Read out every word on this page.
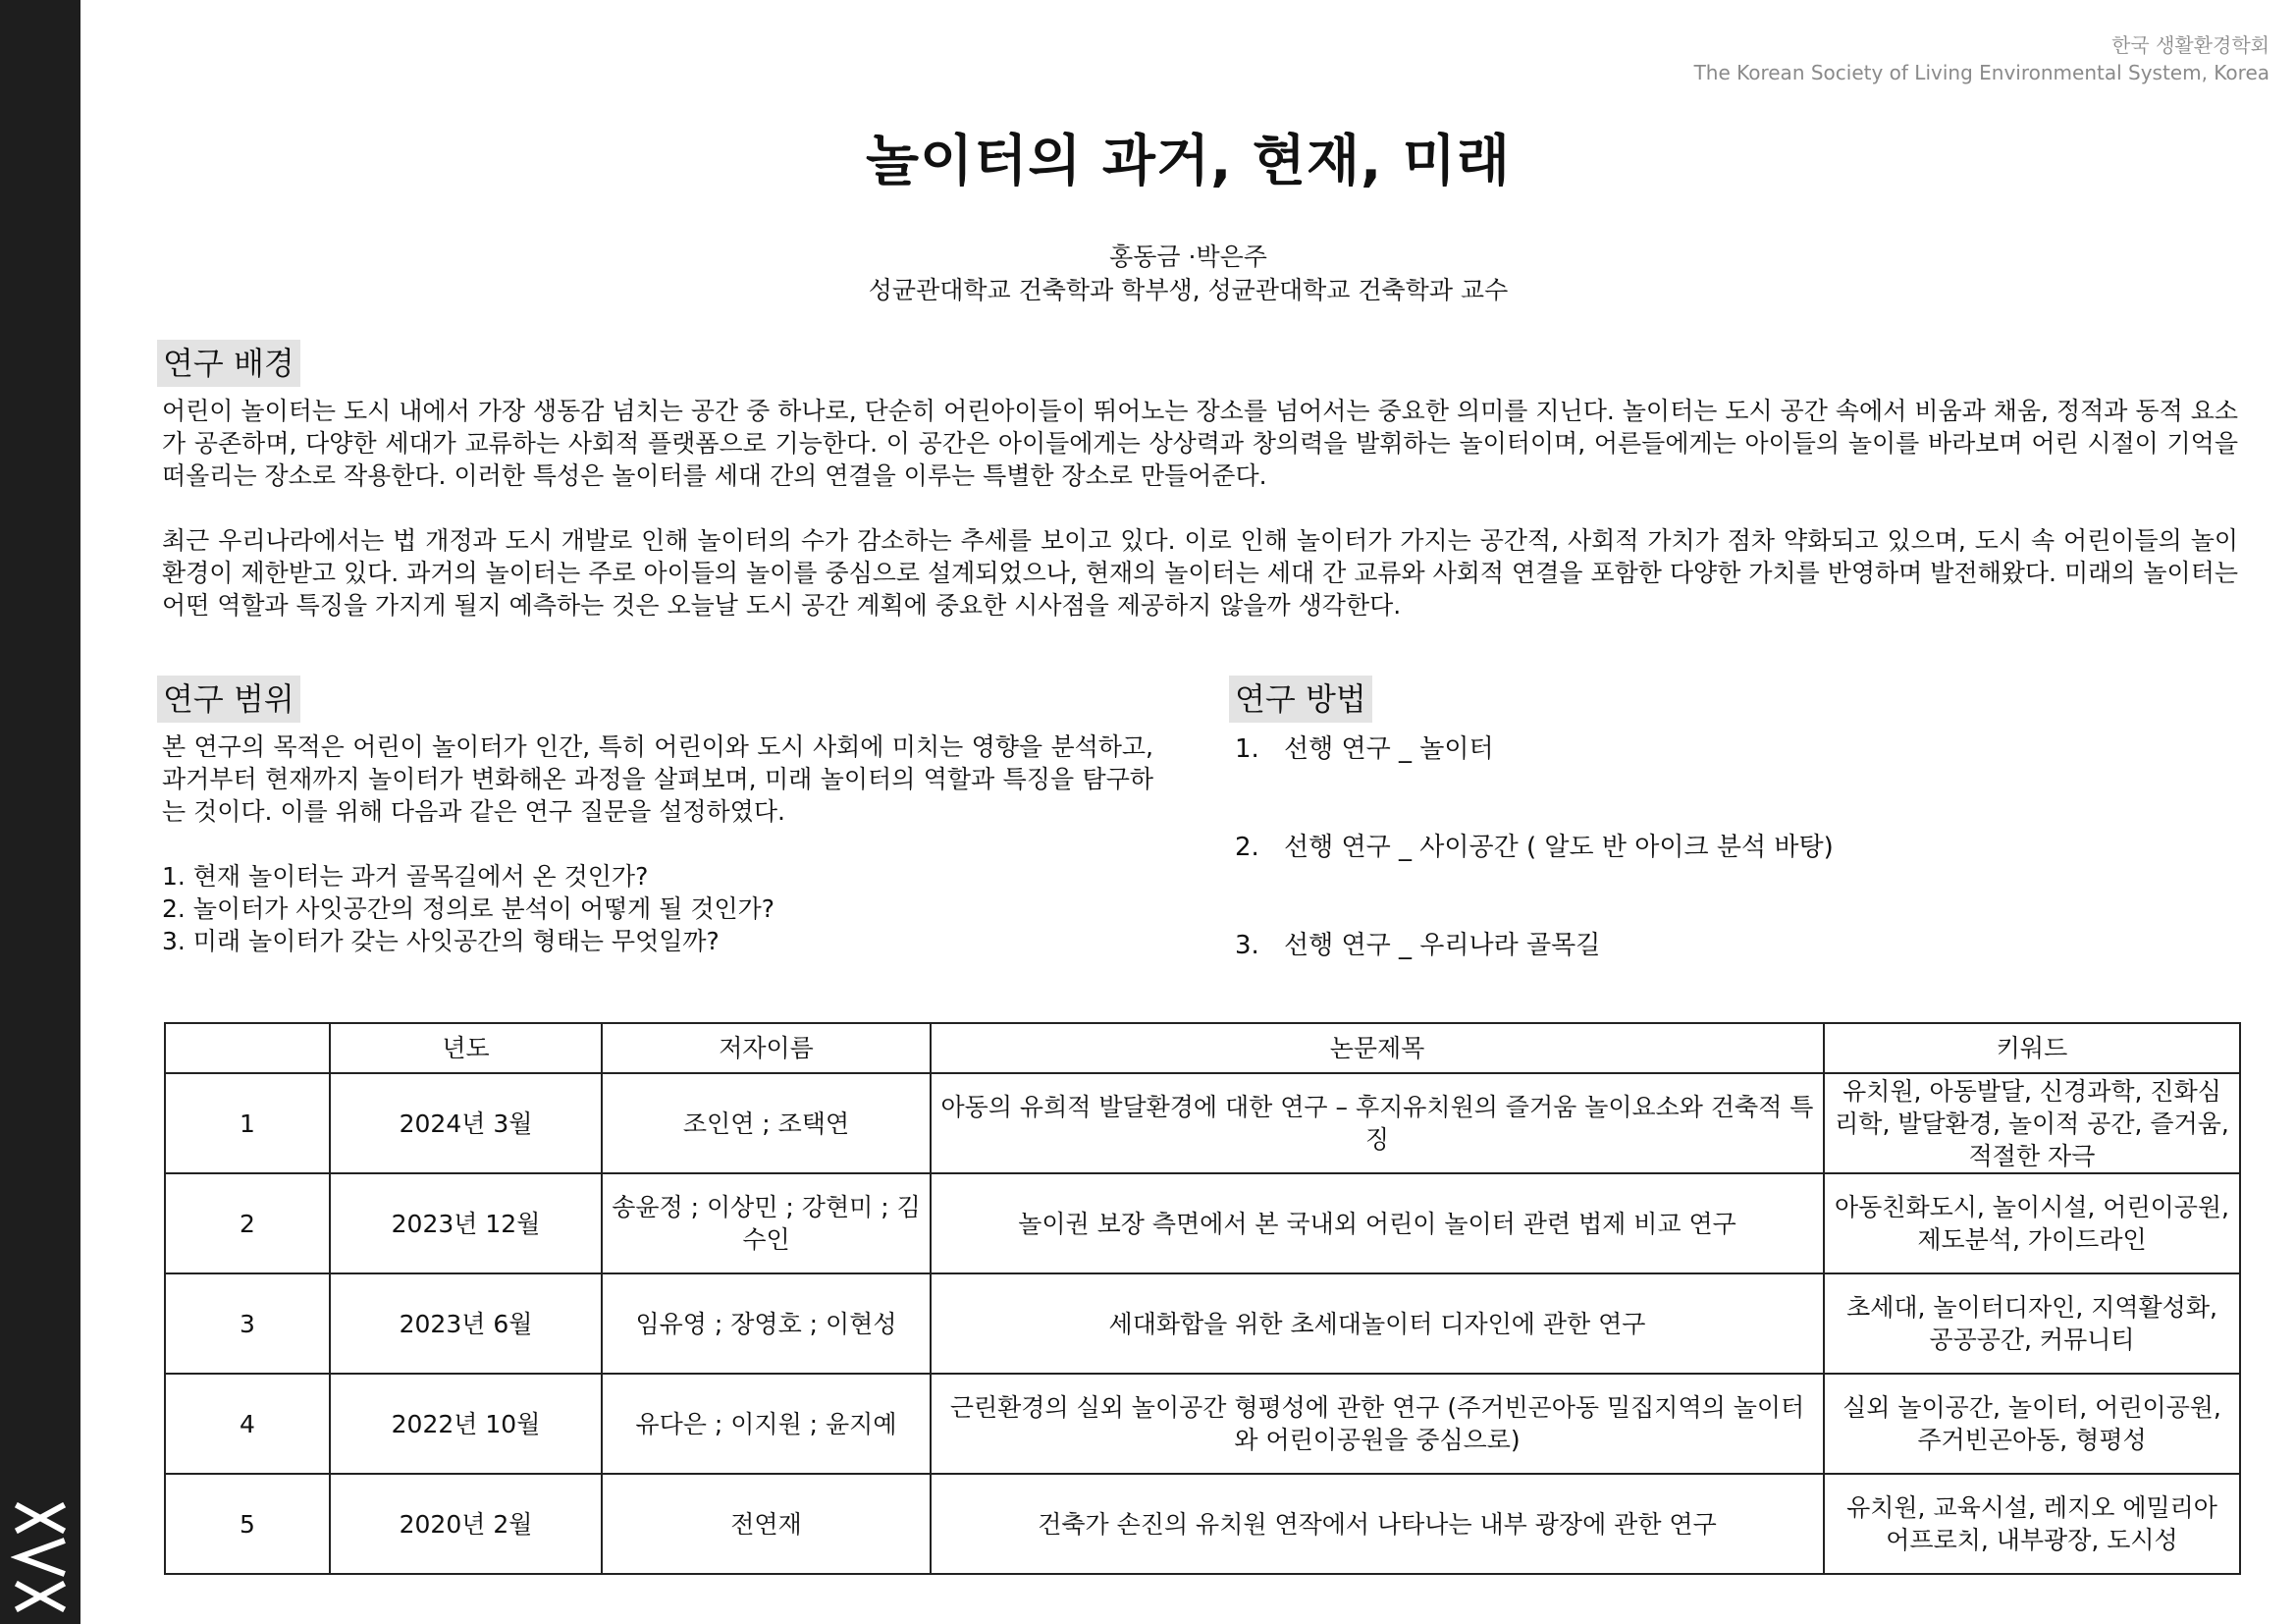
한국 생활환경학회
The Korean Society of Living Environmental System, Korea
놀이터의 과거, 현재, 미래
홍동금 ·박은주
성균관대학교 건축학과 학부생, 성균관대학교 건축학과 교수
연구 배경

어린이 놀이터는 도시 내에서 가장 생동감 넘치는 공간 중 하나로, 단순히 어린아이들이 뛰어노는 장소를 넘어서는 중요한 의미를 지닌다. 놀이터는 도시 공간 속에서 비움과 채움, 정적과 동적 요소가 공존하며, 다양한 세대가 교류하는 사회적 플랫폼으로 기능한다. 이 공간은 아이들에게는 상상력과 창의력을 발휘하는 놀이터이며, 어른들에게는 아이들의 놀이를 바라보며 어린 시절이 기억을 떠올리는 장소로 작용한다. 이러한 특성은 놀이터를 세대 간의 연결을 이루는 특별한 장소로 만들어준다.

최근 우리나라에서는 법 개정과 도시 개발로 인해 놀이터의 수가 감소하는 추세를 보이고 있다. 이로 인해 놀이터가 가지는 공간적, 사회적 가치가 점차 약화되고 있으며, 도시 속 어린이들의 놀이 환경이 제한받고 있다. 과거의 놀이터는 주로 아이들의 놀이를 중심으로 설계되었으나, 현재의 놀이터는 세대 간 교류와 사회적 연결을 포함한 다양한 가치를 반영하며 발전해왔다. 미래의 놀이터는 어떤 역할과 특징을 가지게 될지 예측하는 것은 오늘날 도시 공간 계획에 중요한 시사점을 제공하지 않을까 생각한다.

연구 범위

본 연구의 목적은 어린이 놀이터가 인간, 특히 어린이와 도시 사회에 미치는 영향을 분석하고, 과거부터 현재까지 놀이터가 변화해온 과정을 살펴보며, 미래 놀이터의 역할과 특징을 탐구하는 것이다. 이를 위해 다음과 같은 연구 질문을 설정하였다.

1. 현재 놀이터는 과거 골목길에서 온 것인가?

2. 놀이터가 사잇공간의 정의로 분석이 어떻게 될 것인가?

3. 미래 놀이터가 갖는 사잇공간의 형태는 무엇일까?

연구 방법
1. 선행 연구 _ 놀이터
2. 선행 연구 _ 사이공간 ( 알도 반 아이크 분석 바탕)
3. 선행 연구 _ 우리나라 골목길
	년도	저자이름	논문제목	키워드
1	2024년 3월	조인연 ; 조택연	아동의 유희적 발달환경에 대한 연구 – 후지유치원의 즐거움 놀이요소와 건축적 특징	유치원, 아동발달, 신경과학, 진화심리학, 발달환경, 놀이적 공간, 즐거움, 적절한 자극
2	2023년 12월	송윤정 ; 이상민 ; 강현미 ; 김수인	놀이권 보장 측면에서 본 국내외 어린이 놀이터 관련 법제 비교 연구	아동친화도시, 놀이시설, 어린이공원, 제도분석, 가이드라인
3	2023년 6월	임유영 ; 장영호 ; 이현성	세대화합을 위한 초세대놀이터 디자인에 관한 연구	초세대, 놀이터디자인, 지역활성화, 공공공간, 커뮤니티
4	2022년 10월	유다은 ; 이지원 ; 윤지예	근린환경의 실외 놀이공간 형평성에 관한 연구 (주거빈곤아동 밀집지역의 놀이터와 어린이공원을 중심으로)	실외 놀이공간, 놀이터, 어린이공원, 주거빈곤아동, 형평성
5	2020년 2월	전연재	건축가 손진의 유치원 연작에서 나타나는 내부 광장에 관한 연구	유치원, 교육시설, 레지오 에밀리아 어프로치, 내부광장, 도시성
